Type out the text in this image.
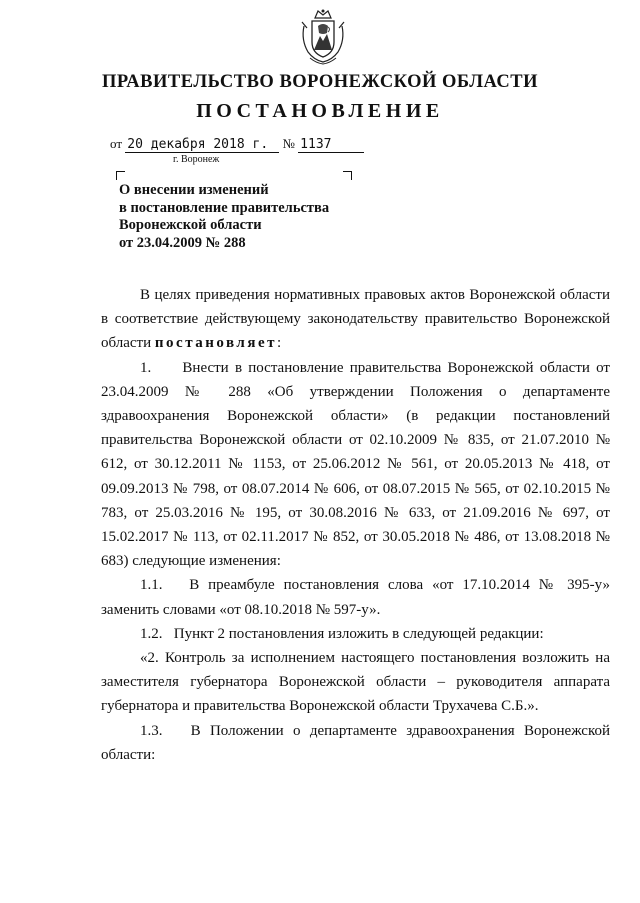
ПРАВИТЕЛЬСТВО ВОРОНЕЖСКОЙ ОБЛАСТИ
ПОСТАНОВЛЕНИЕ
от 20 декабря 2018 г. № 1137
г. Воронеж
О внесении изменений
в постановление правительства
Воронежской области
от 23.04.2009 № 288

В целях приведения нормативных правовых актов Воронежской области в соответствие действующему законодательству правительство Воронежской области постановляет:

1.     Внести в постановление правительства Воронежской области от 23.04.2009 № 288 «Об утверждении Положения о департаменте здравоохранения Воронежской области» (в редакции постановлений правительства Воронежской области от 02.10.2009 № 835, от 21.07.2010 № 612, от 30.12.2011 № 1153, от 25.06.2012 № 561, от 20.05.2013 № 418, от 09.09.2013 № 798, от 08.07.2014 № 606, от 08.07.2015 № 565, от 02.10.2015 № 783, от 25.03.2016 № 195, от 30.08.2016 № 633, от 21.09.2016 № 697, от 15.02.2017 № 113, от 02.11.2017 № 852, от 30.05.2018 № 486, от 13.08.2018 № 683) следующие изменения:

1.1.   В преамбуле постановления слова «от 17.10.2014 № 395-у» заменить словами «от 08.10.2018 № 597-у».

1.2.   Пункт 2 постановления изложить в следующей редакции:

«2. Контроль за исполнением настоящего постановления возложить на заместителя губернатора Воронежской области – руководителя аппарата губернатора и правительства Воронежской области Трухачева С.Б.».

1.3.   В Положении о департаменте здравоохранения Воронежской области:
